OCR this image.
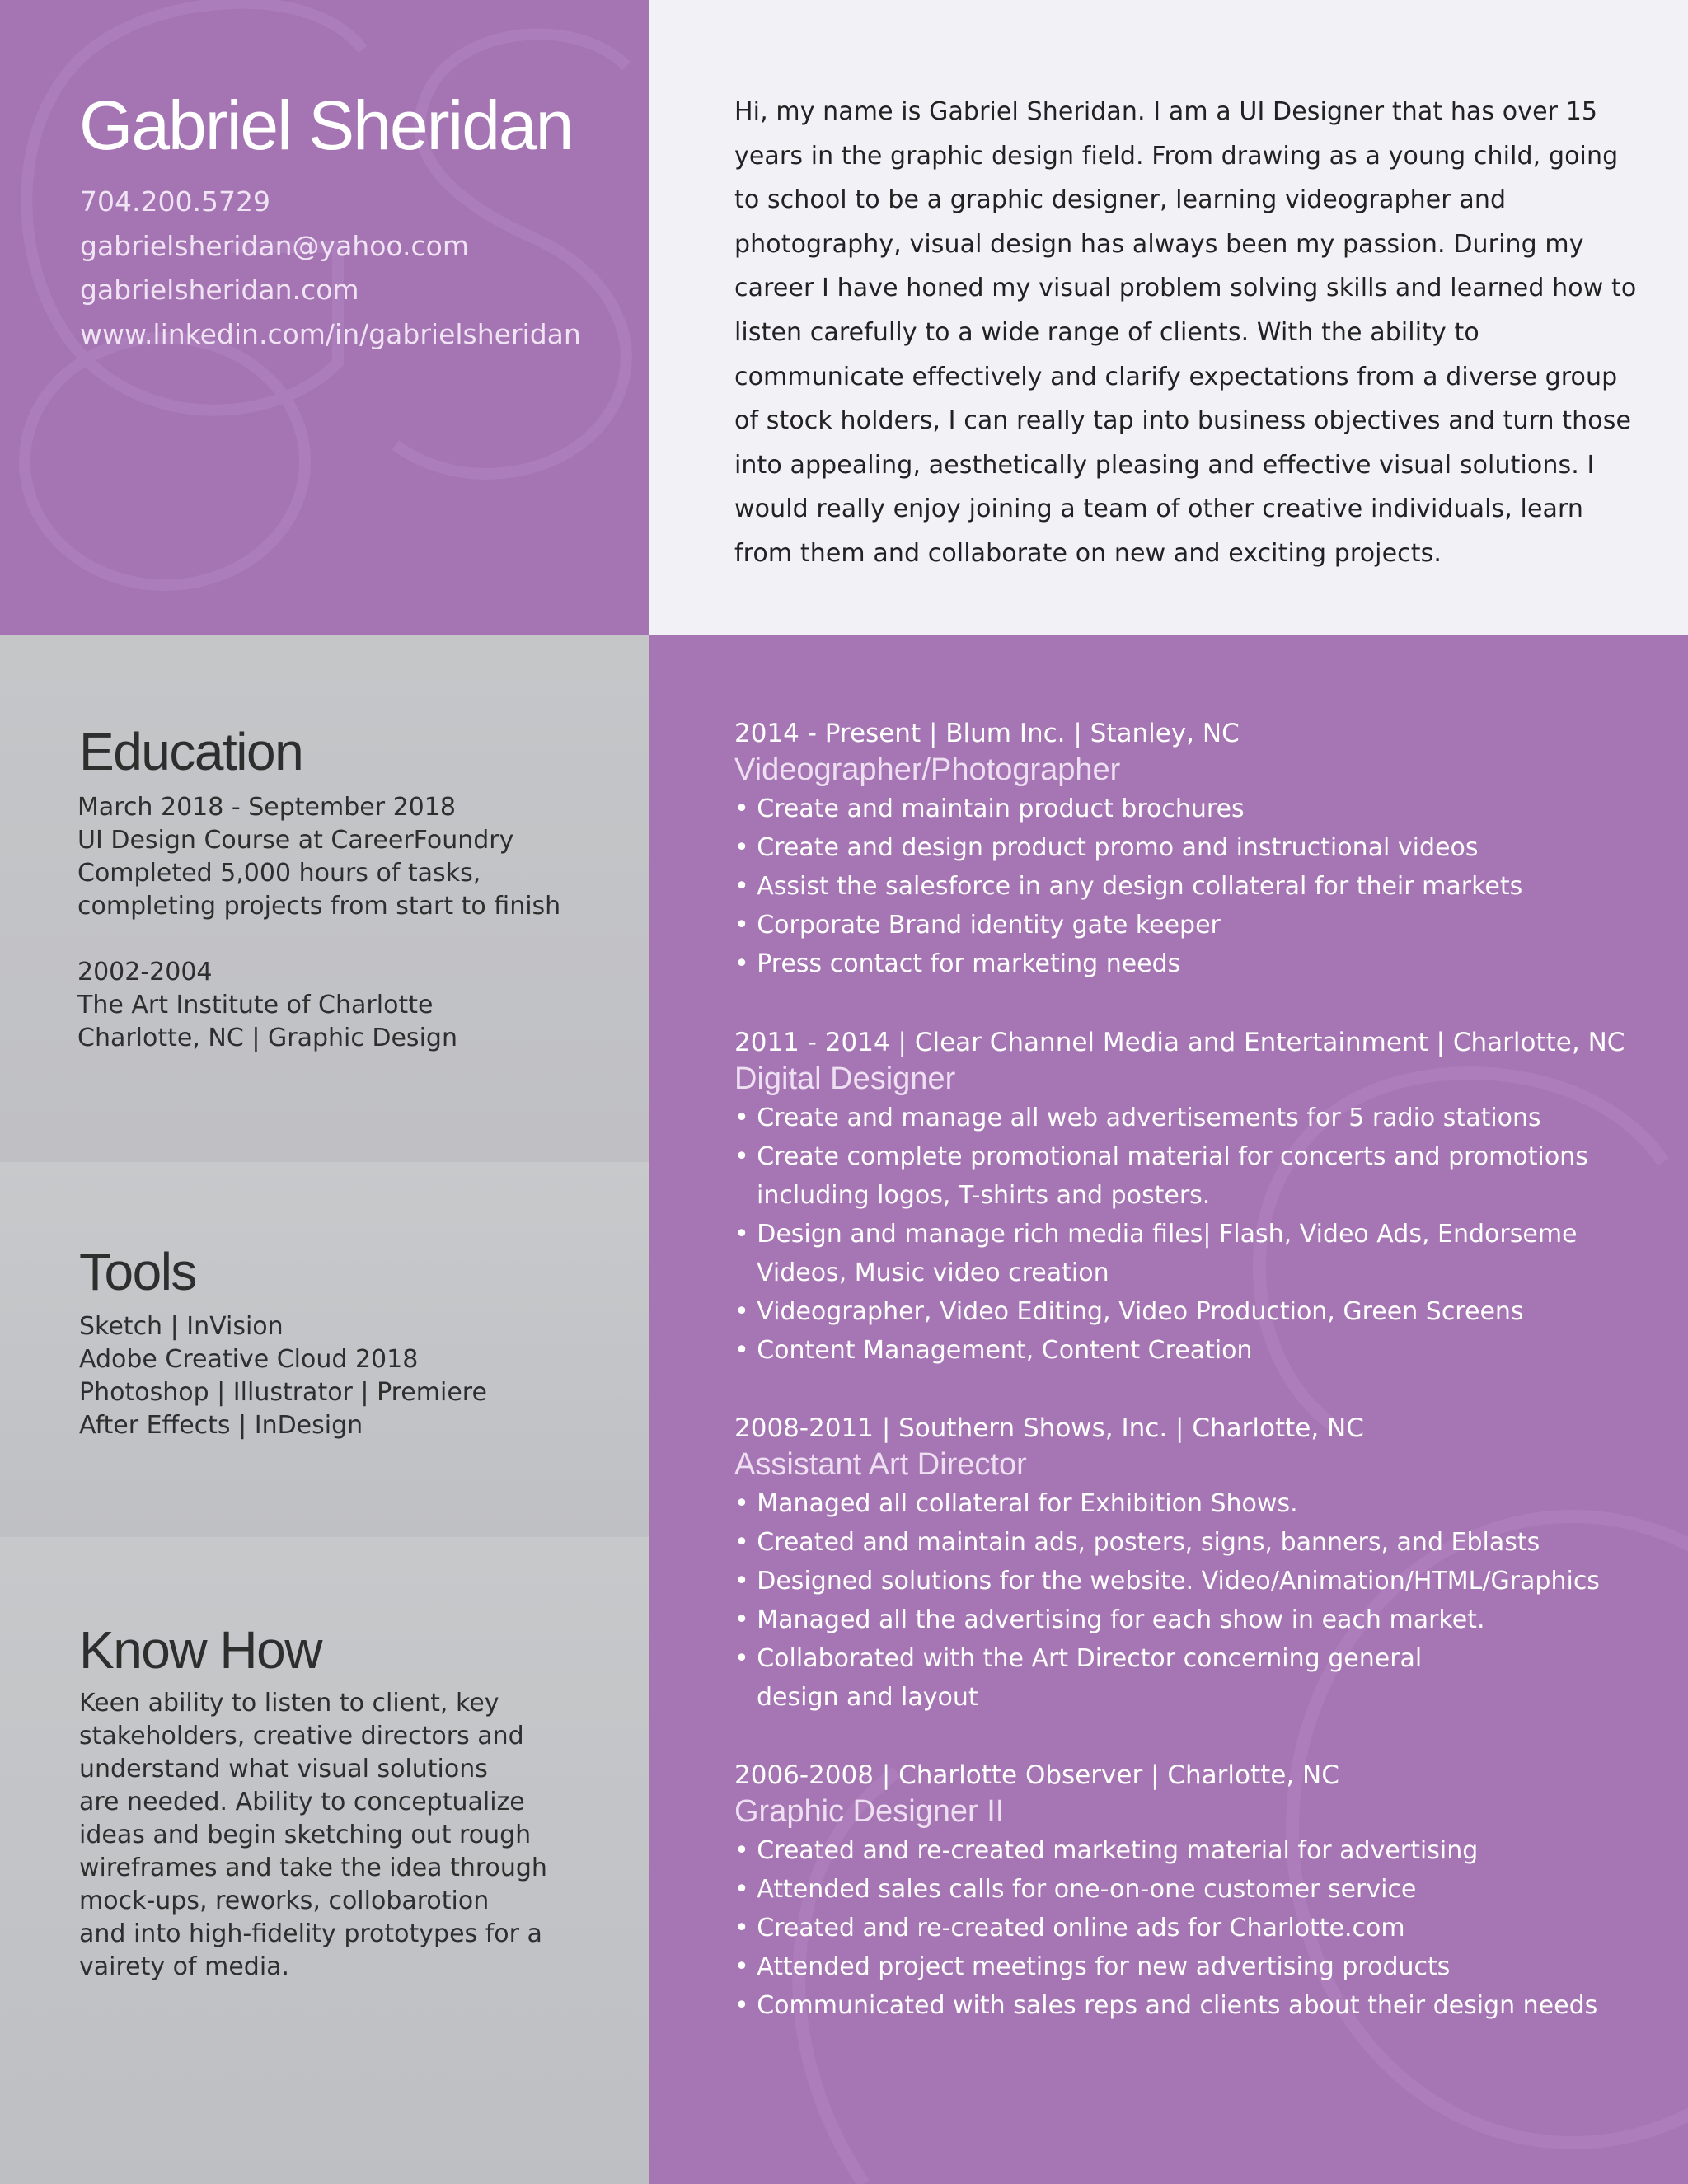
Gabriel Sheridan
704.200.5729
gabrielsheridan@yahoo.com
gabrielsheridan.com
www.linkedin.com/in/gabrielsheridan

Hi, my name is Gabriel Sheridan. I am a UI Designer that has over 15 years in the graphic design field. From drawing as a young child, going to school to be a graphic designer, learning videographer and photography, visual design has always been my passion. During my career I have honed my visual problem solving skills and learned how to listen carefully to a wide range of clients. With the ability to communicate effectively and clarify expectations from a diverse group of stock holders, I can really tap into business objectives and turn those into appealing, aesthetically pleasing and effective visual solutions. I would really enjoy joining a team of other creative individuals, learn from them and collaborate on new and exciting projects.

Education
March 2018 - September 2018
UI Design Course at CareerFoundry
Completed 5,000 hours of tasks,
completing projects from start to finish
2002-2004
The Art Institute of Charlotte
Charlotte, NC | Graphic Design
Tools
Sketch | InVision
Adobe Creative Cloud 2018
Photoshop | Illustrator | Premiere
After Effects | InDesign
Know How
Keen ability to listen to client, key
stakeholders, creative directors and
understand what visual solutions
are needed. Ability to conceptualize
ideas and begin sketching out rough
wireframes and take the idea through
mock-ups, reworks, collobarotion
and into high-fidelity prototypes for a
vairety of media.

2014 - Present | Blum Inc. | Stanley, NC

Videographer/Photographer

• Create and maintain product brochures
• Create and design product promo and instructional videos
• Assist the salesforce in any design collateral for their markets
• Corporate Brand identity gate keeper
• Press contact for marketing needs

2011 - 2014 | Clear Channel Media and Entertainment | Charlotte, NC

Digital Designer

• Create and manage all web advertisements for 5 radio stations
• Create complete promotional material for concerts and promotions
including logos, T-shirts and posters.
• Design and manage rich media files| Flash, Video Ads, Endorseme
Videos, Music video creation
• Videographer, Video Editing, Video Production, Green Screens
• Content Management, Content Creation

2008-2011 | Southern Shows, Inc. | Charlotte, NC

Assistant Art Director

• Managed all collateral for Exhibition Shows.
• Created and maintain ads, posters, signs, banners, and Eblasts
• Designed solutions for the website. Video/Animation/HTML/Graphics
• Managed all the advertising for each show in each market.
• Collaborated with the Art Director concerning general
design and layout

2006-2008 | Charlotte Observer | Charlotte, NC

Graphic Designer II

• Created and re-created marketing material for advertising
• Attended sales calls for one-on-one customer service
• Created and re-created online ads for Charlotte.com
• Attended project meetings for new advertising products
• Communicated with sales reps and clients about their design needs
